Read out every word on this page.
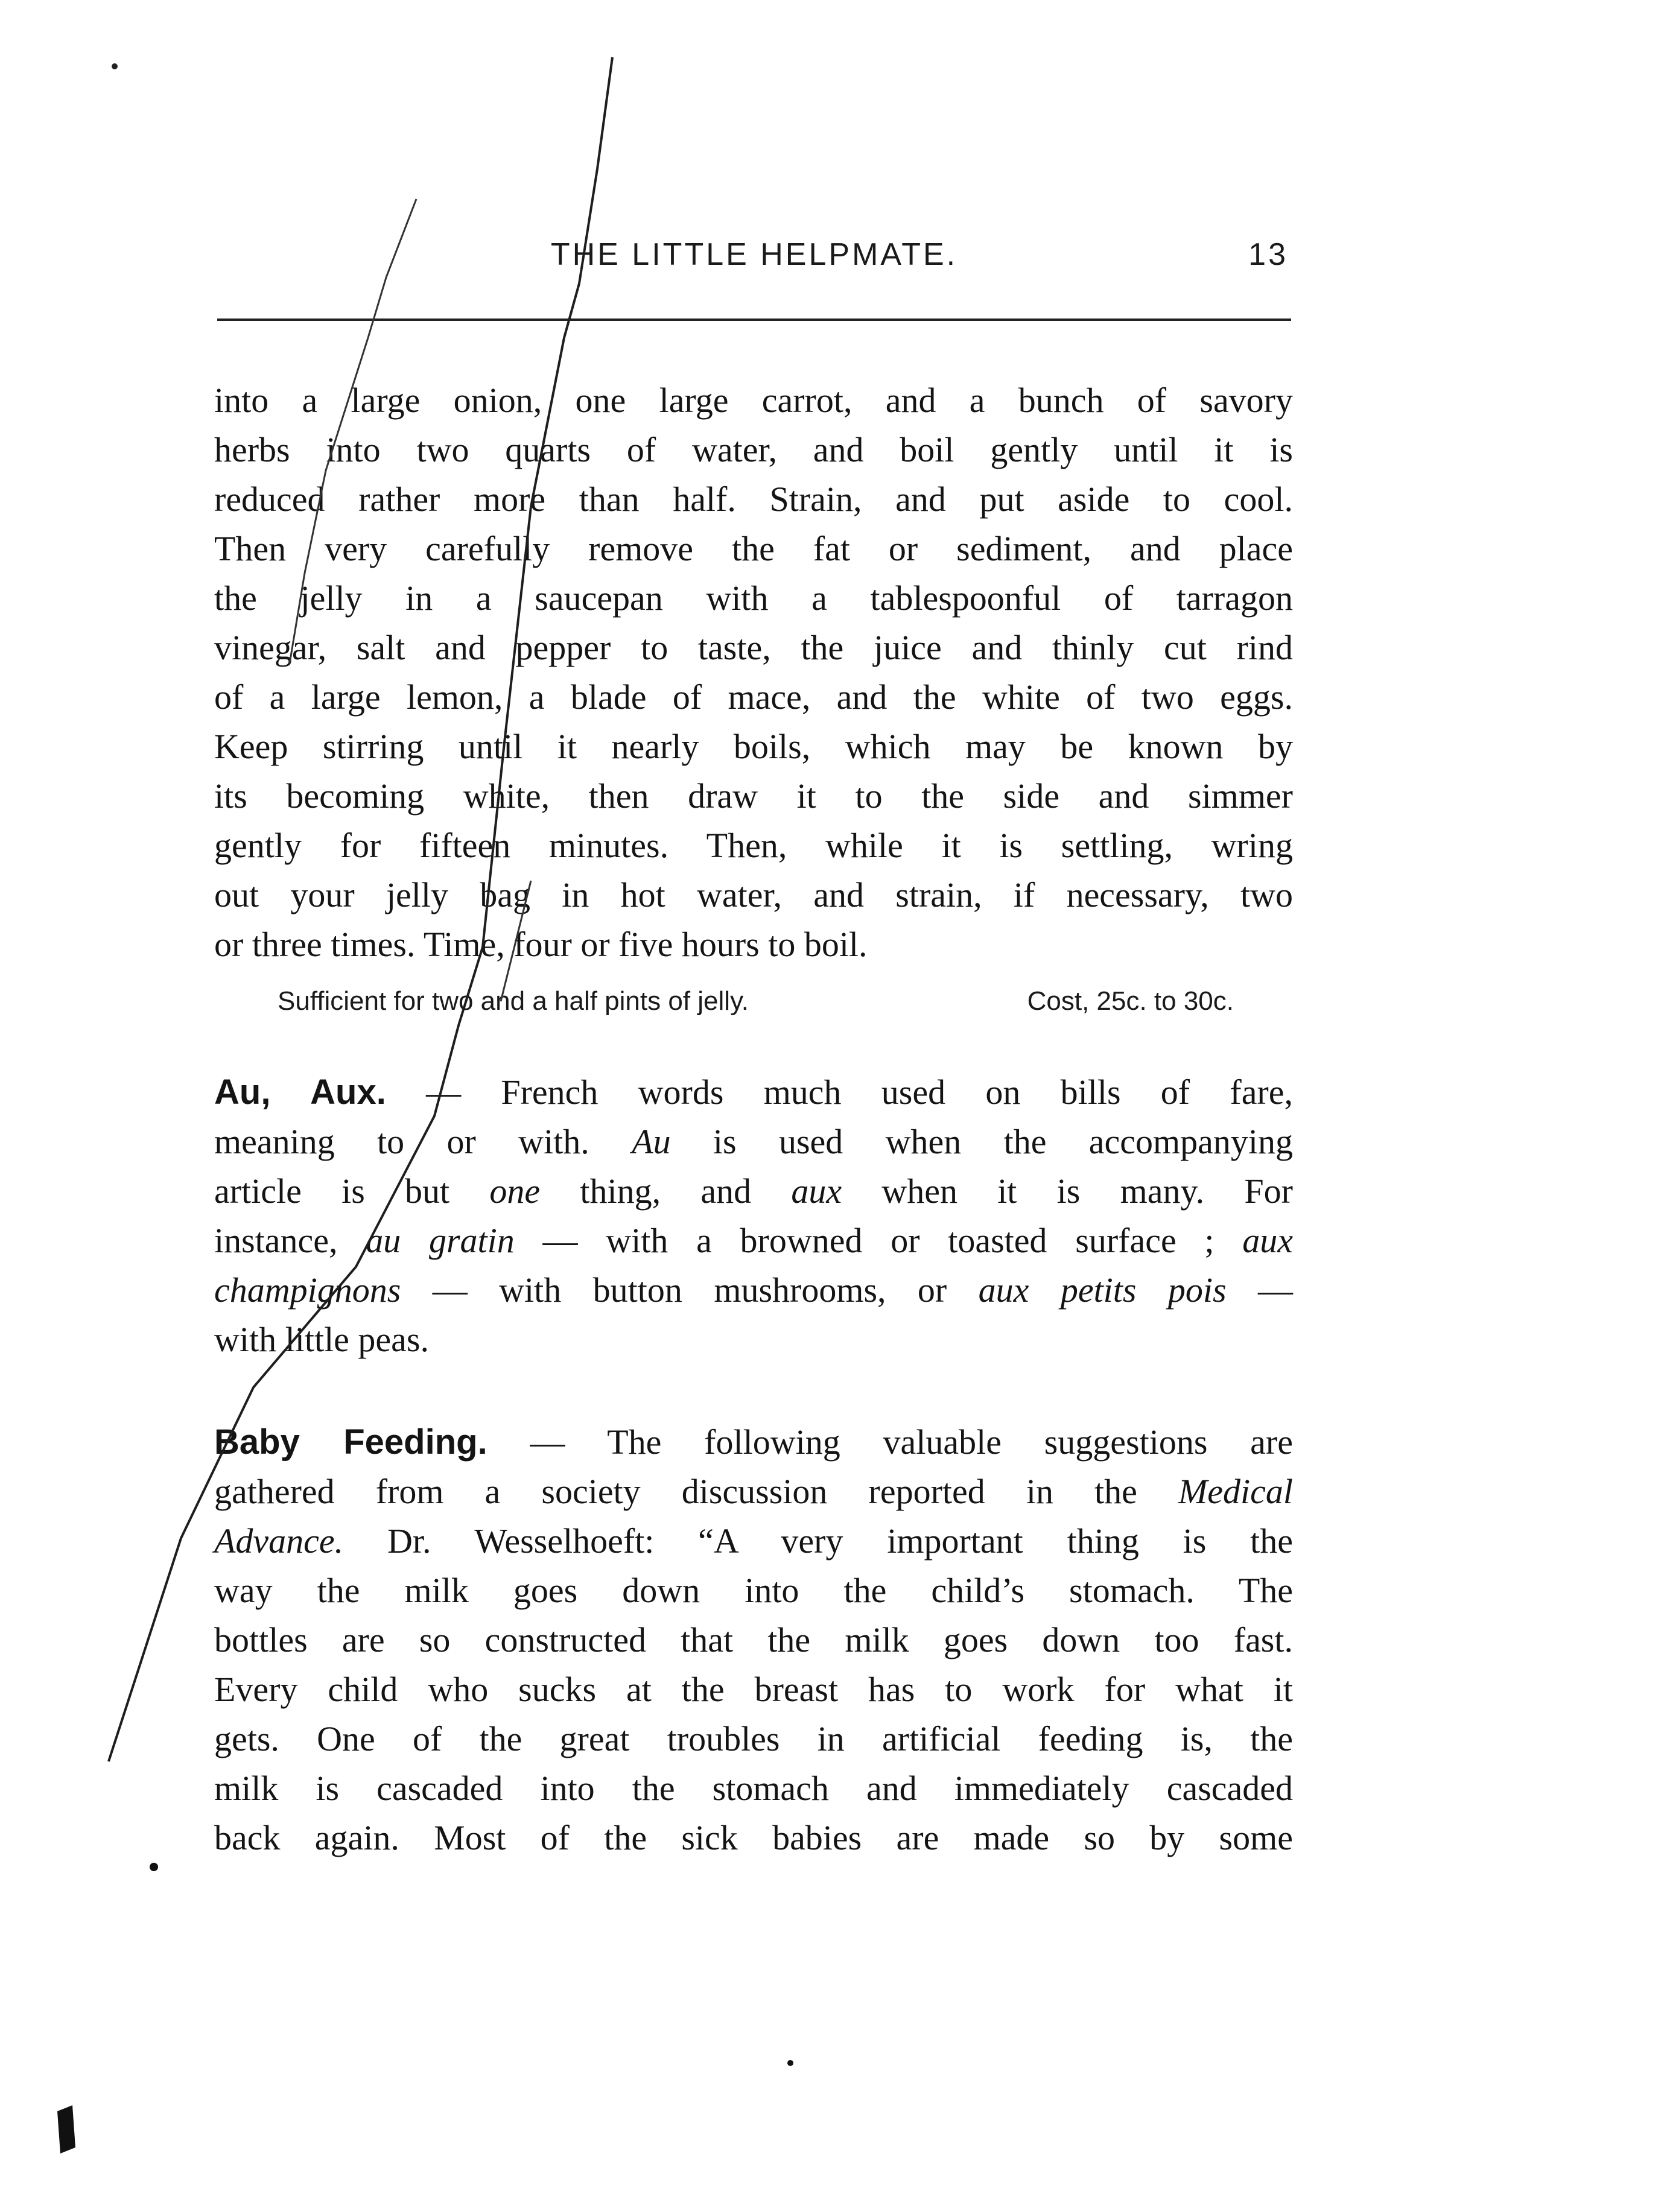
THE LITTLE HELPMATE.	13
into a large onion, one large carrot, and a bunch of savory
herbs into two quarts of water, and boil gently until it is
reduced rather more than half. Strain, and put aside to cool.
Then very carefully remove the fat or sediment, and place
the jelly in a saucepan with a tablespoonful of tarragon
vinegar, salt and pepper to taste, the juice and thinly cut rind
of a large lemon, a blade of mace, and the white of two eggs.
Keep stirring until it nearly boils, which may be known by
its becoming white, then draw it to the side and simmer
gently for fifteen minutes. Then, while it is settling, wring
out your jelly bag in hot water, and strain, if necessary, two
or three times. Time, four or five hours to boil.
Sufficient for two and a half pints of jelly.	Cost, 25c. to 30c.
Au, Aux. — French words much used on bills of fare,
meaning to or with. Au is used when the accompanying
article is but one thing, and aux when it is many. For
instance, au gratin — with a browned or toasted surface ; aux
champignons — with button mushrooms, or aux petits pois —
with little peas.
Baby Feeding. — The following valuable suggestions are
gathered from a society discussion reported in the Medical
Advance. Dr. Wesselhoeft: “A very important thing is the
way the milk goes down into the child’s stomach. The
bottles are so constructed that the milk goes down too fast.
Every child who sucks at the breast has to work for what it
gets. One of the great troubles in artificial feeding is, the
milk is cascaded into the stomach and immediately cascaded
back again. Most of the sick babies are made so by some
